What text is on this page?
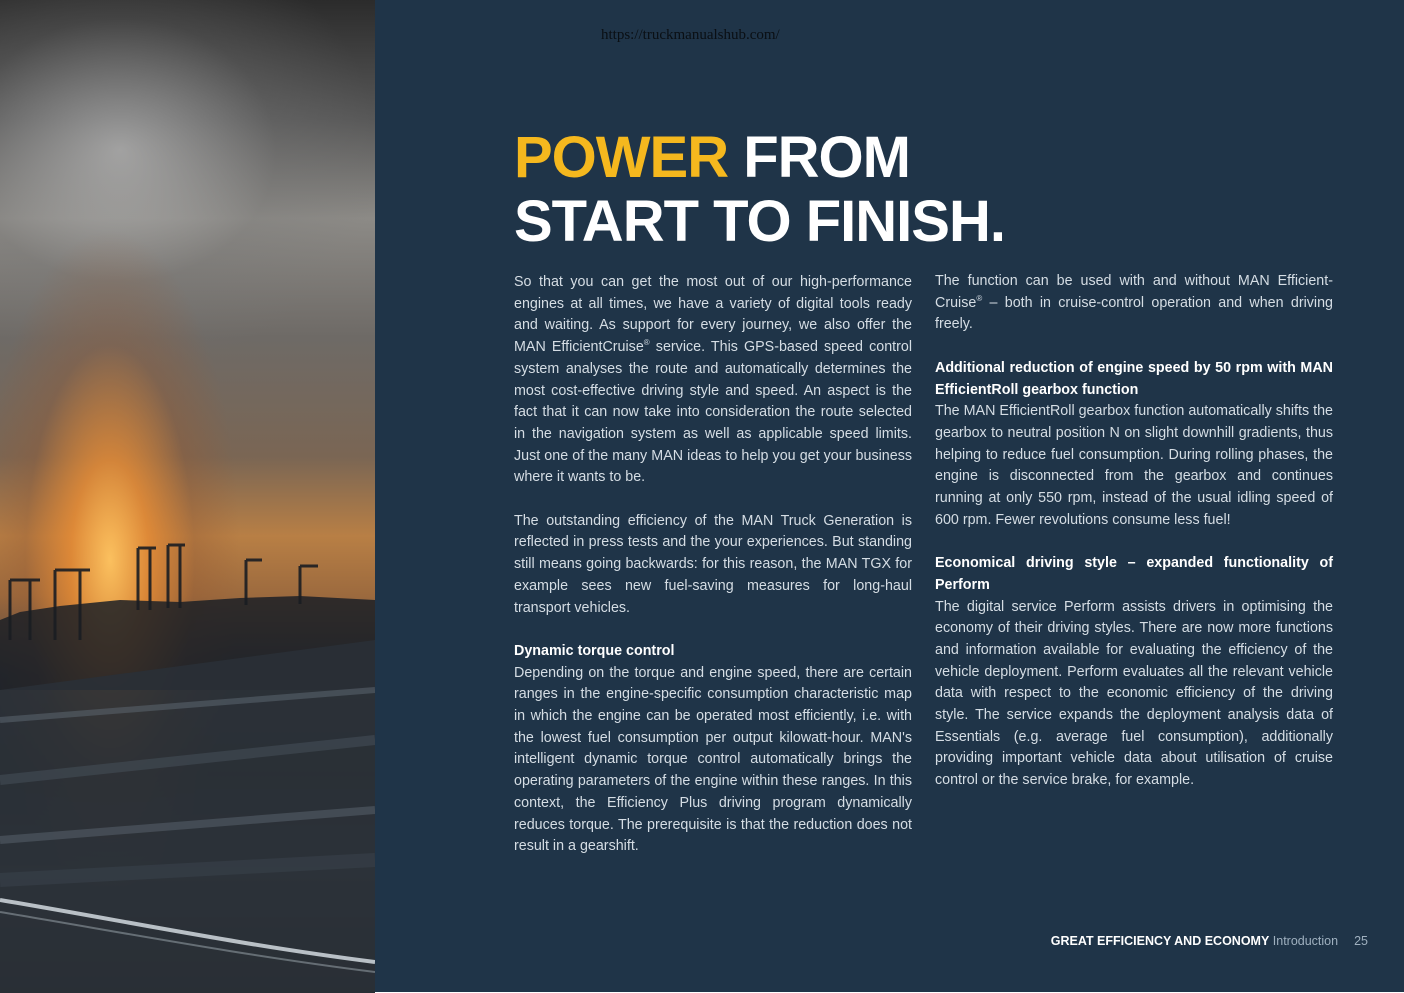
https://truckmanualshub.com/
POWER FROM
START TO FINISH.

So that you can get the most out of our high-performance engines at all times, we have a variety of digital tools ready and waiting. As support for every journey, we also offer the MAN EfficientCruise® service. This GPS-based speed control system analyses the route and automatically determines the most cost-effective driving style and speed. An aspect is the fact that it can now take into consideration the route selected in the navigation system as well as applicable speed limits. Just one of the many MAN ideas to help you get your business where it wants to be.

The outstanding efficiency of the MAN Truck Generation is reflected in press tests and the your experiences. But standing still means going backwards: for this reason, the MAN TGX for example sees new fuel-saving measures for long-haul transport vehicles.

Dynamic torque control

Depending on the torque and engine speed, there are certain ranges in the engine-specific consumption characteristic map in which the engine can be operated most efficiently, i.e. with the lowest fuel consumption per output kilowatt-hour. MAN's intelligent dynamic torque control automatically brings the operating parameters of the engine within these ranges. In this context, the Efficiency Plus driving program dynamically reduces torque. The prerequisite is that the reduction does not result in a gearshift.

The function can be used with and without MAN EfficientCruise® – both in cruise-control operation and when driving freely.

Additional reduction of engine speed by 50 rpm with MAN EfficientRoll gearbox function

The MAN EfficientRoll gearbox function automatically shifts the gearbox to neutral position N on slight downhill gradients, thus helping to reduce fuel consumption. During rolling phases, the engine is disconnected from the gearbox and continues running at only 550 rpm, instead of the usual idling speed of 600 rpm. Fewer revolutions consume less fuel!

Economical driving style – expanded functionality of Perform

The digital service Perform assists drivers in optimising the economy of their driving styles. There are now more functions and information available for evaluating the efficiency of the vehicle deployment. Perform evaluates all the relevant vehicle data with respect to the economic efficiency of the driving style. The service expands the deployment analysis data of Essentials (e.g. average fuel consumption), additionally providing important vehicle data about utilisation of cruise control or the service brake, for example.

GREAT EFFICIENCY AND ECONOMY Introduction 25
